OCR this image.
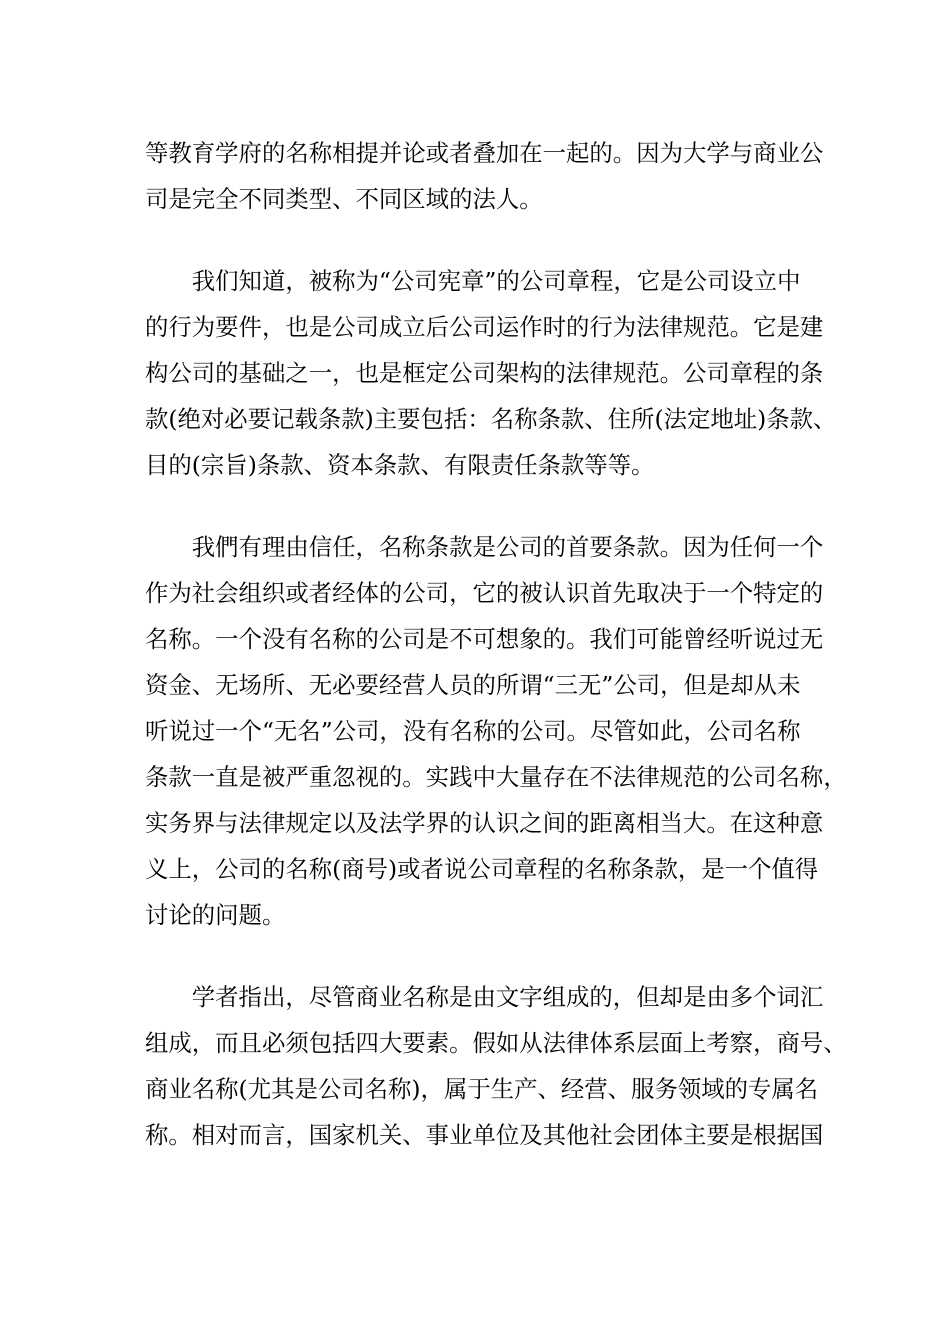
等教育学府的名称相提并论或者叠加在一起的。因为大学与商业公
司是完全不同类型、不同区域的法人。
　　我们知道，被称为“公司宪章”的公司章程，它是公司设立中
的行为要件，也是公司成立后公司运作时的行为法律规范。它是建
构公司的基础之一，也是框定公司架构的法律规范。公司章程的条
款(绝对必要记载条款)主要包括：名称条款、住所(法定地址)条款、
目的(宗旨)条款、资本条款、有限责任条款等等。
　　我們有理由信任，名称条款是公司的首要条款。因为任何一个
作为社会组织或者经体的公司，它的被认识首先取决于一个特定的
名称。一个没有名称的公司是不可想象的。我们可能曾经听说过无
资金、无场所、无必要经营人员的所谓“三无”公司，但是却从未
听说过一个“无名”公司，没有名称的公司。尽管如此，公司名称
条款一直是被严重忽视的。实践中大量存在不法律规范的公司名称，
实务界与法律规定以及法学界的认识之间的距离相当大。在这种意
义上，公司的名称(商号)或者说公司章程的名称条款，是一个值得
讨论的问题。
　　学者指出，尽管商业名称是由文字组成的，但却是由多个词汇
组成，而且必须包括四大要素。假如从法律体系层面上考察，商号、
商业名称(尤其是公司名称)，属于生产、经营、服务领域的专属名
称。相对而言，国家机关、事业单位及其他社会团体主要是根据国
